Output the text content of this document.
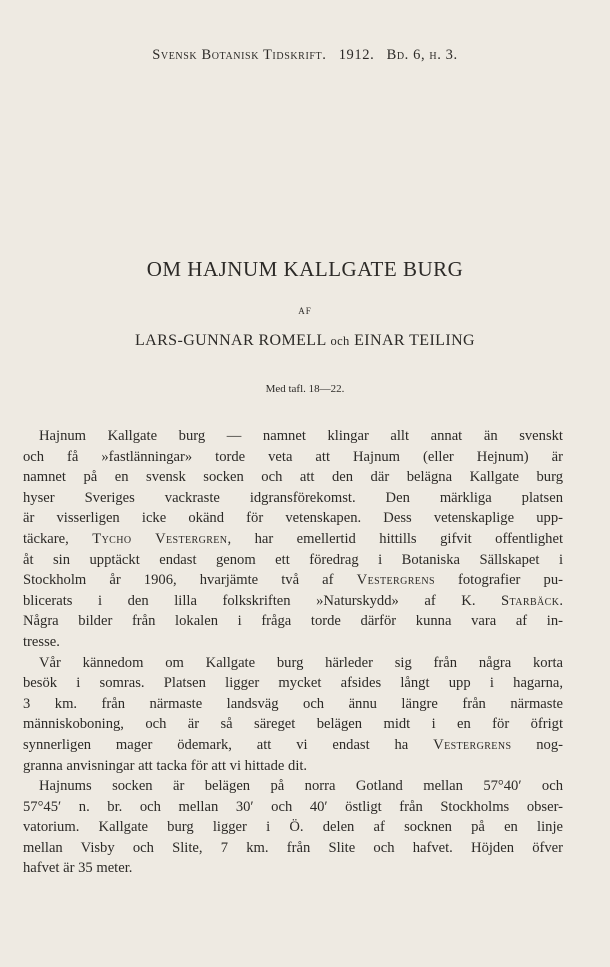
Svensk Botanisk Tidskrift. 1912. Bd. 6, h. 3.
OM HAJNUM KALLGATE BURG
AF
LARS-GUNNAR ROMELL och EINAR TEILING
Med tafl. 18—22.
Hajnum Kallgate burg — namnet klingar allt annat än svenskt
och få »fastlänningar» torde veta att Hajnum (eller Hejnum) är
namnet på en svensk socken och att den där belägna Kallgate burg
hyser Sveriges vackraste idgransförekomst. Den märkliga platsen
är visserligen icke okänd för vetenskapen. Dess vetenskaplige upp-
täckare, Tycho Vestergren, har emellertid hittills gifvit offentlighet
åt sin upptäckt endast genom ett föredrag i Botaniska Sällskapet i
Stockholm år 1906, hvarjämte två af Vestergrens fotografier pu-
blicerats i den lilla folkskriften »Naturskydd» af K. Starbäck.
Några bilder från lokalen i fråga torde därför kunna vara af in-
tresse.
Vår kännedom om Kallgate burg härleder sig från några korta
besök i somras. Platsen ligger mycket afsides långt upp i hagarna,
3 km. från närmaste landsväg och ännu längre från närmaste
människoboning, och är så säreget belägen midt i en för öfrigt
synnerligen mager ödemark, att vi endast ha Vestergrens nog-
granna anvisningar att tacka för att vi hittade dit.
Hajnums socken är belägen på norra Gotland mellan 57°40′ och
57°45′ n. br. och mellan 30′ och 40′ östligt från Stockholms obser-
vatorium. Kallgate burg ligger i Ö. delen af socknen på en linje
mellan Visby och Slite, 7 km. från Slite och hafvet. Höjden öfver
hafvet är 35 meter.
